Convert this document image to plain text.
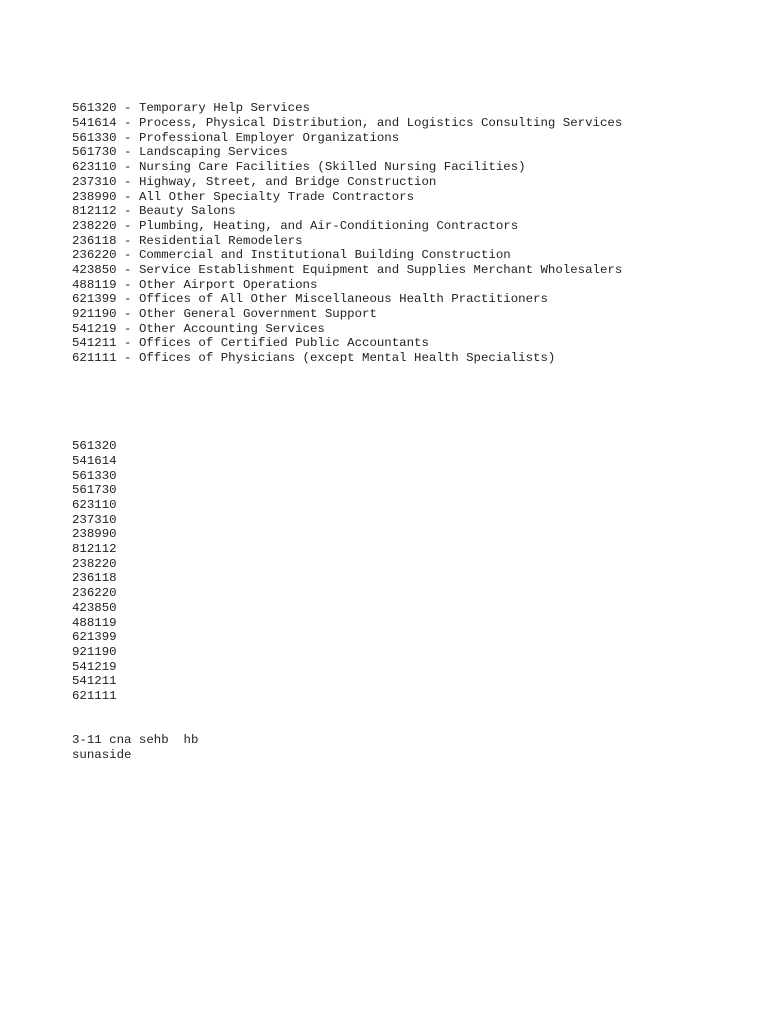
561320 - Temporary Help Services
541614 - Process, Physical Distribution, and Logistics Consulting Services
561330 - Professional Employer Organizations
561730 - Landscaping Services
623110 - Nursing Care Facilities (Skilled Nursing Facilities)
237310 - Highway, Street, and Bridge Construction
238990 - All Other Specialty Trade Contractors
812112 - Beauty Salons
238220 - Plumbing, Heating, and Air-Conditioning Contractors
236118 - Residential Remodelers
236220 - Commercial and Institutional Building Construction
423850 - Service Establishment Equipment and Supplies Merchant Wholesalers
488119 - Other Airport Operations
621399 - Offices of All Other Miscellaneous Health Practitioners
921190 - Other General Government Support
541219 - Other Accounting Services
541211 - Offices of Certified Public Accountants
621111 - Offices of Physicians (except Mental Health Specialists)

561320
541614
561330
561730
623110
237310
238990
812112
238220
236118
236220
423850
488119
621399
921190
541219
541211
621111

3-11 cna sehb  hb
sunaside
